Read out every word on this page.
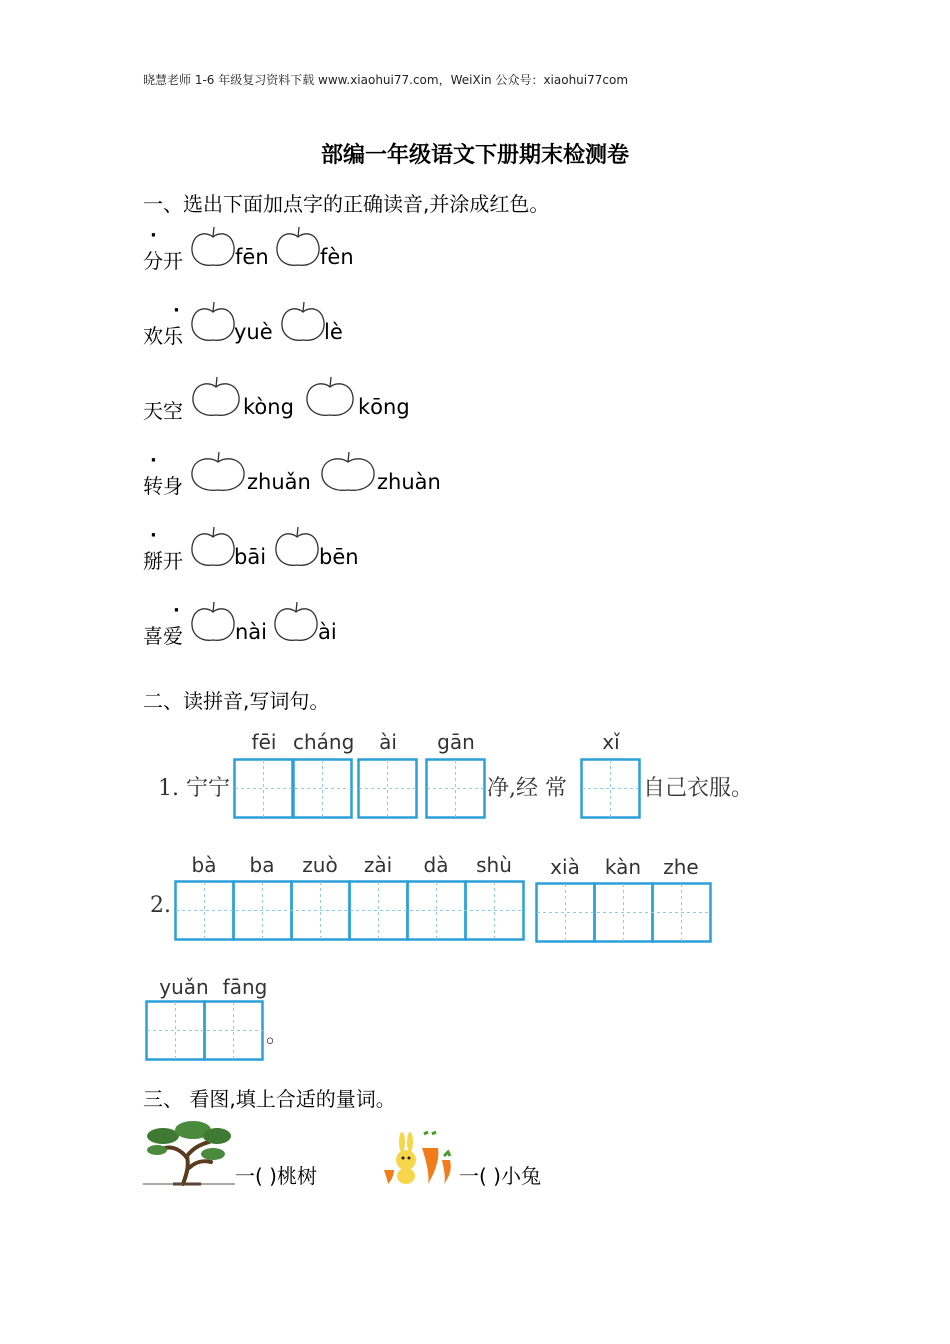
晓慧老师 1-6 年级复习资料下载 www.xiaohui77.com，WeiXin 公众号：xiaohui77com
部编一年级语文下册期末检测卷
一、选出下面加点字的正确读音,并涂成红色。
·
分开 fēn fèn
·
欢乐 yuè lè
天空	kòng	kōng
·
转身	zhuǎn	zhuàn
·
掰开 bāi	bēn
·
喜爱 nài ài
二、读拼音,写词句。
1. 宁宁
fēi cháng	ài	gān	xǐ
净,经 常	自己衣服。
2.
bà	ba	zuò	zài	dà	shù	xià	kàn	zhe
yuǎn fāng
。
三、 看图,填上合适的量词。
一( )桃树	一( )小兔
